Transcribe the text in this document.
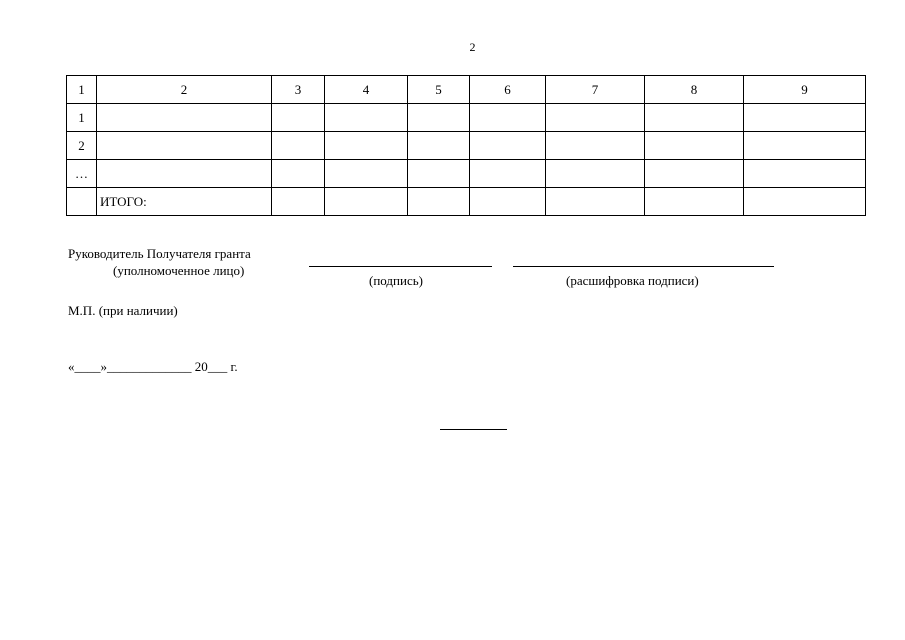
2
1	2	3	4	5	6	7	8	9
1								
2								
…								
	ИТОГО:							
Руководитель Получателя гранта
(уполномоченное лицо)
(подпись)	(расшифровка подписи)
М.П. (при наличии)
«____»_____________ 20___ г.
